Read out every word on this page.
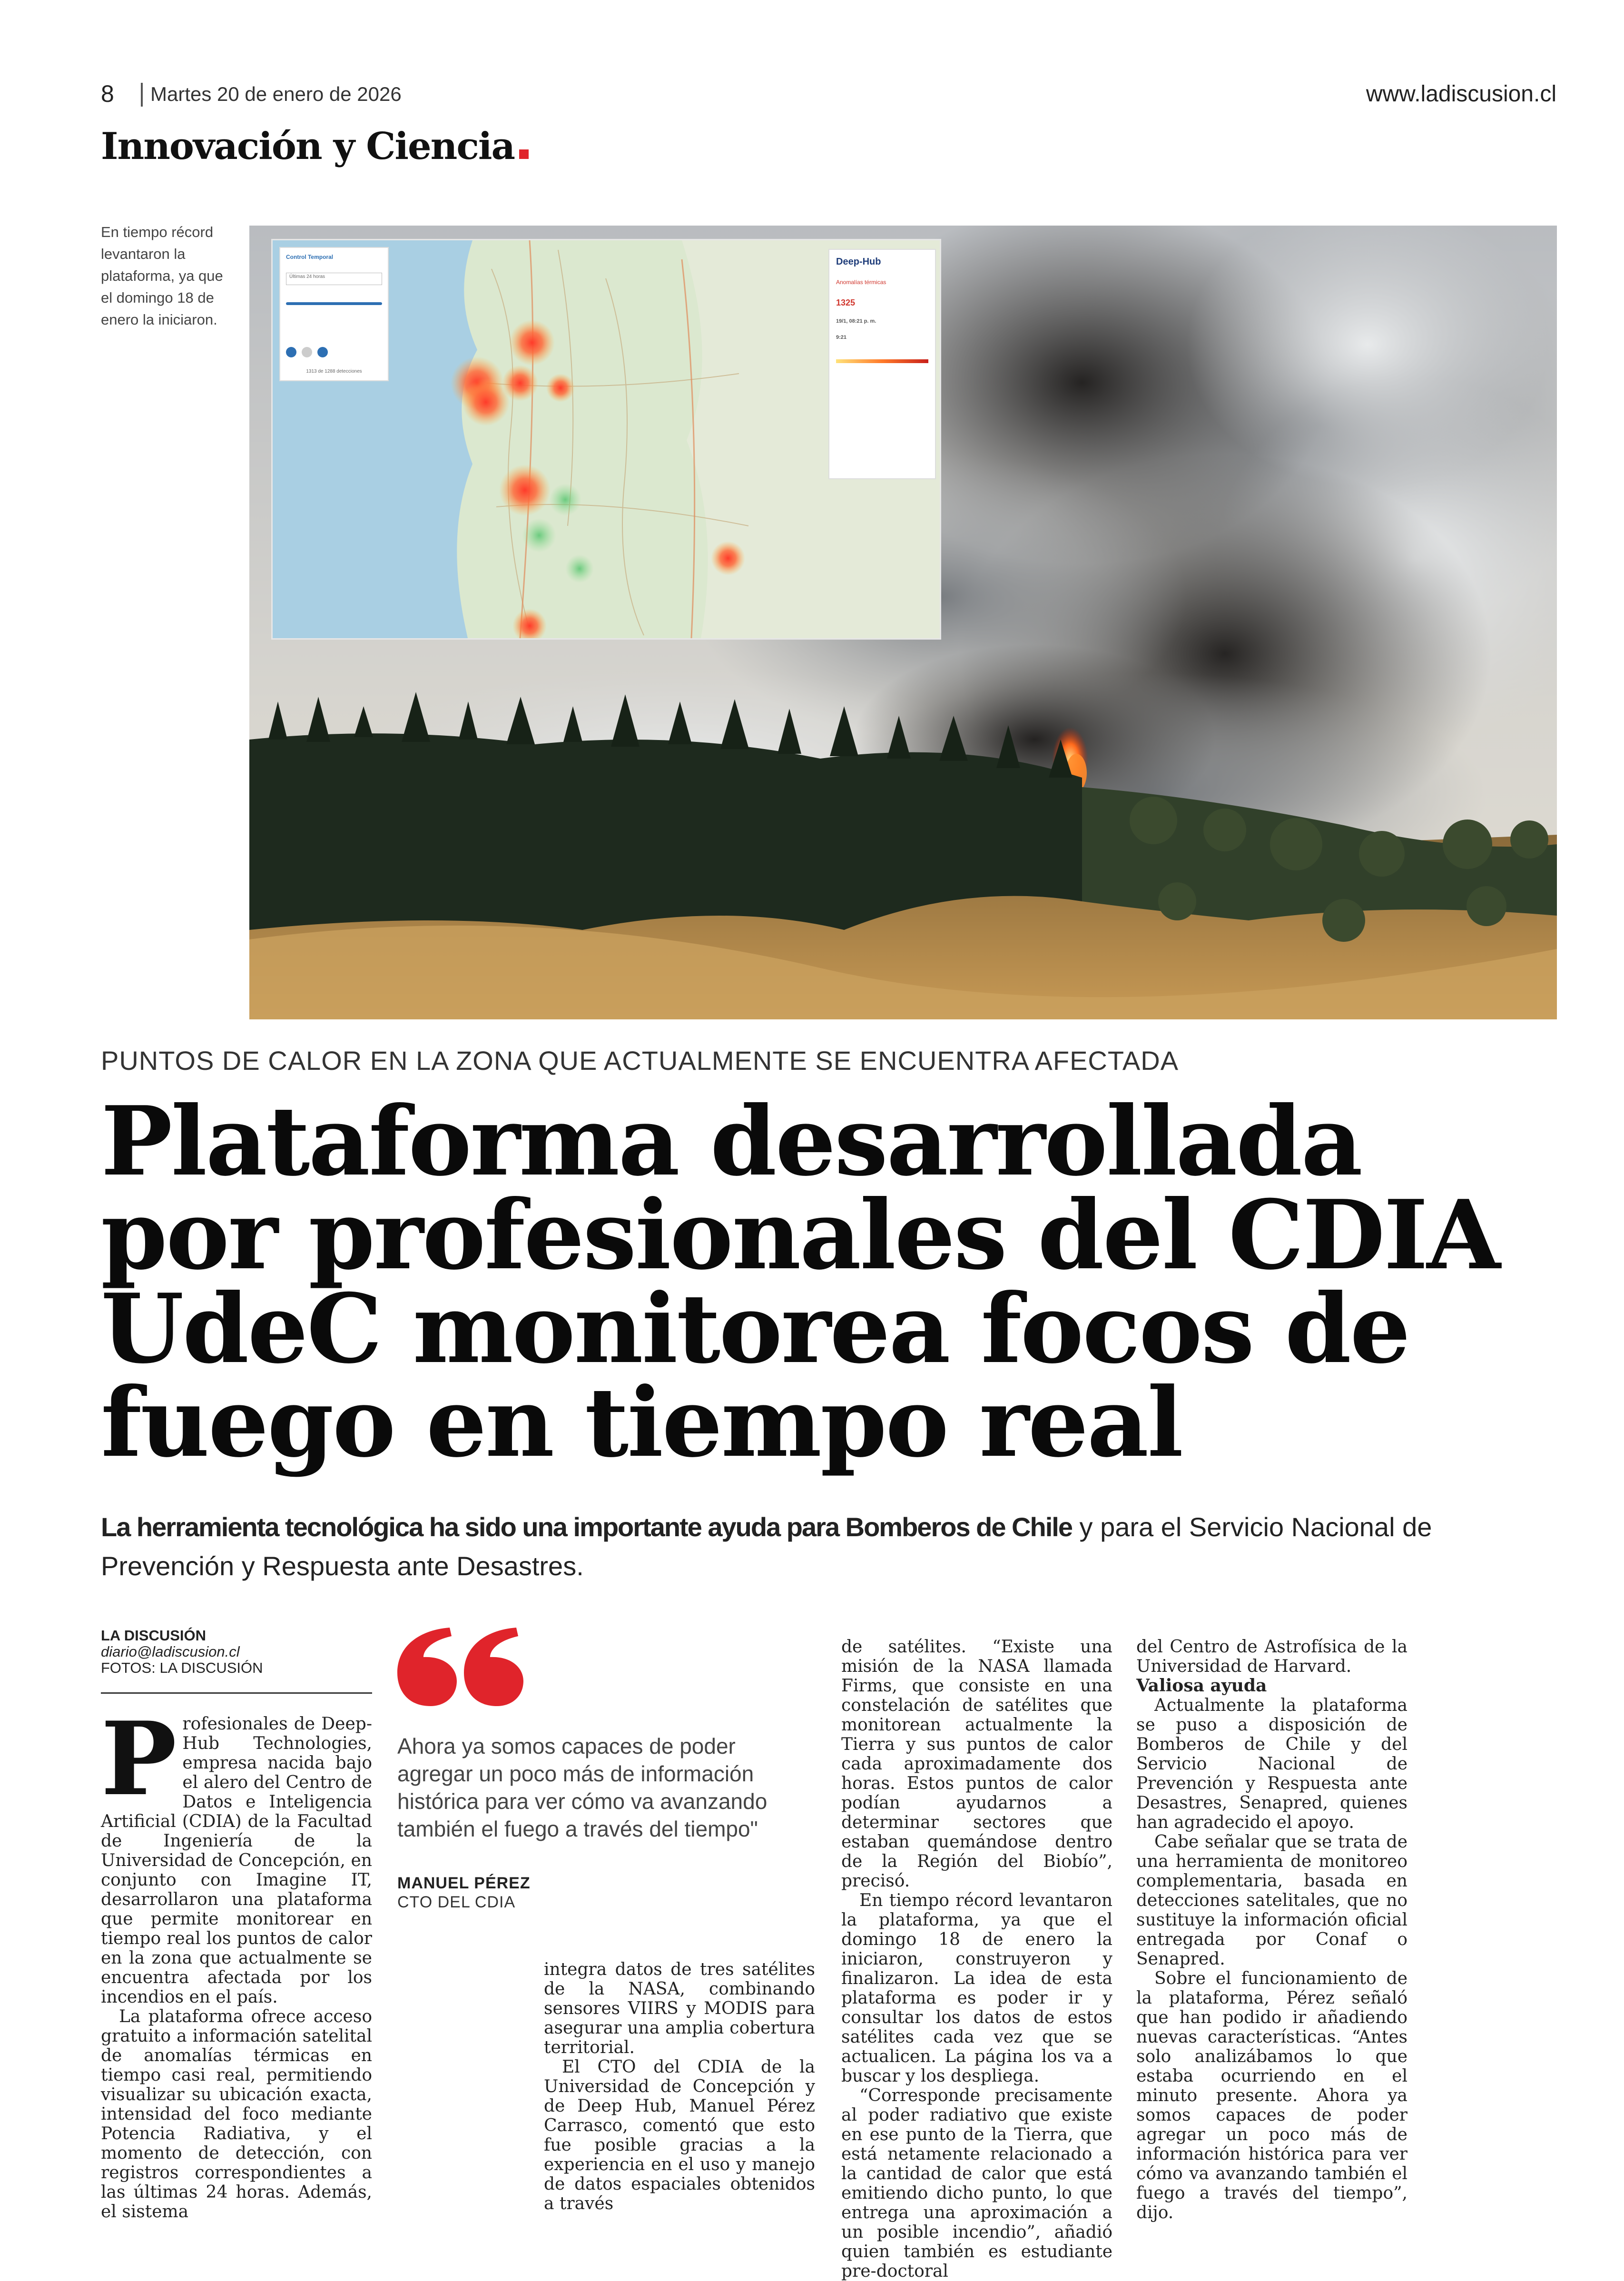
8 Martes 20 de enero de 2026	www.ladiscusion.cl
Innovación y Ciencia
En tiempo récord levantaron la plataforma, ya que el domingo 18 de enero la iniciaron.
Control Temporal
Últimas 24 horas

1313 de 1288 detecciones
Deep-Hub
Anomalías térmicas
1325
19/1, 08:21 p. m.
9:21
PUNTOS DE CALOR EN LA ZONA QUE ACTUALMENTE SE ENCUENTRA AFECTADA
Plataforma desarrollada por profesionales del CDIA UdeC monitorea focos de fuego en tiempo real
La herramienta tecnológica ha sido una importante ayuda para Bomberos de Chile y para el Servicio Nacional de Prevención y Respuesta ante Desastres.
LA DISCUSIÓN
diario@ladiscusion.cl
FOTOS: LA DISCUSIÓN
Ahora ya somos capaces de poder agregar un poco más de información histórica para ver cómo va avanzando también el fuego a través del tiempo"
MANUEL PÉREZ
CTO DEL CDIA

Profesionales de Deep-Hub Technologies, empresa nacida bajo el alero del Centro de Datos e Inteligencia Artificial (CDIA) de la Facultad de Ingeniería de la Universidad de Concepción, en conjunto con Imagine IT, desarrollaron una plataforma que permite monitorear en tiempo real los puntos de calor en la zona que actualmente se encuentra afectada por los incendios en el país.

La plataforma ofrece acceso gratuito a información satelital de anomalías térmicas en tiempo casi real, permitiendo visualizar su ubicación exacta, intensidad del foco mediante Potencia Radiativa, y el momento de detección, con registros correspondientes a las últimas 24 horas. Además, el sistema

integra datos de tres satélites de la NASA, combinando sensores VIIRS y MODIS para asegurar una amplia cobertura territorial.

El CTO del CDIA de la Universidad de Concepción y de Deep Hub, Manuel Pérez Carrasco, comentó que esto fue posible gracias a la experiencia en el uso y manejo de datos espaciales obtenidos a través

de satélites. “Existe una misión de la NASA llamada Firms, que consiste en una constelación de satélites que monitorean actualmente la Tierra y sus puntos de calor cada aproximadamente dos horas. Estos puntos de calor podían ayudarnos a determinar sectores que estaban quemándose dentro de la Región del Biobío”, precisó.

En tiempo récord levantaron la plataforma, ya que el domingo 18 de enero la iniciaron, construyeron y finalizaron. La idea de esta plataforma es poder ir y consultar los datos de estos satélites cada vez que se actualicen. La página los va a buscar y los despliega.

“Corresponde precisamente al poder radiativo que existe en ese punto de la Tierra, que está netamente relacionado a la cantidad de calor que está emitiendo dicho punto, lo que entrega una aproximación a un posible incendio”, añadió quien también es estudiante pre-doctoral

del Centro de Astrofísica de la Universidad de Harvard.

Valiosa ayuda

Actualmente la plataforma se puso a disposición de Bomberos de Chile y del Servicio Nacional de Prevención y Respuesta ante Desastres, Senapred, quienes han agradecido el apoyo.

Cabe señalar que se trata de una herramienta de monitoreo complementaria, basada en detecciones satelitales, que no sustituye la información oficial entregada por Conaf o Senapred.

Sobre el funcionamiento de la plataforma, Pérez señaló que han podido ir añadiendo nuevas características. “Antes solo analizábamos lo que estaba ocurriendo en el minuto presente. Ahora ya somos capaces de poder agregar un poco más de información histórica para ver cómo va avanzando también el fuego a través del tiempo”, dijo.
